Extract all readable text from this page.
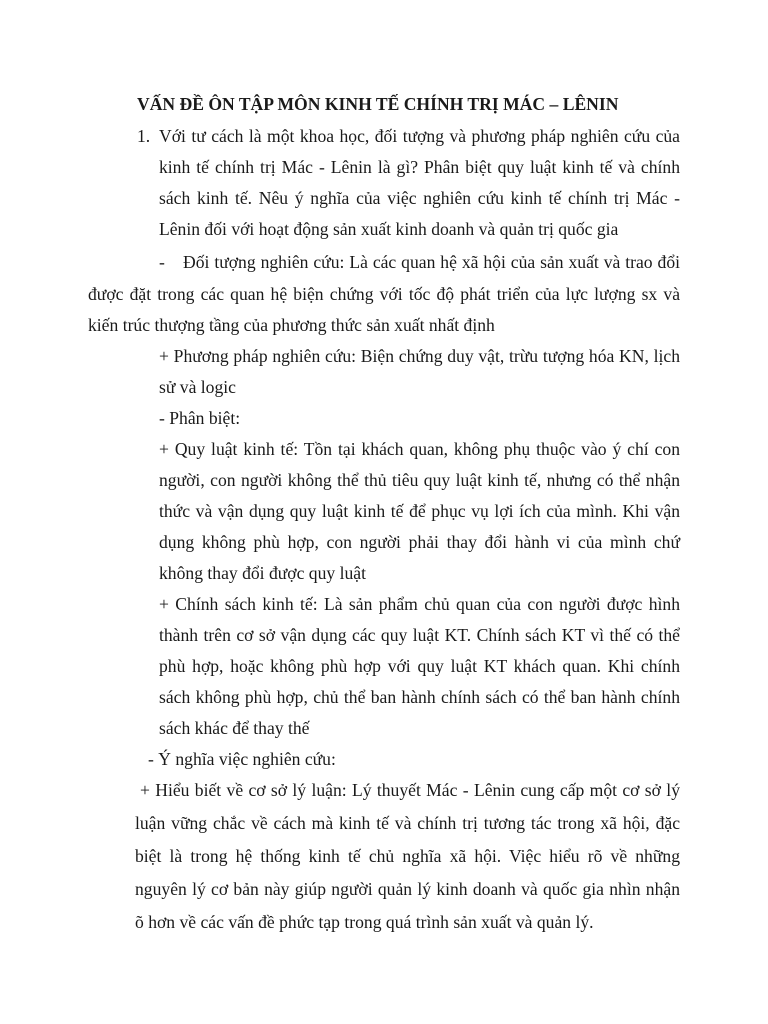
VẤN ĐỀ ÔN TẬP MÔN KINH TẾ CHÍNH TRỊ MÁC – LÊNIN
1. Với tư cách là một khoa học, đối tượng và phương pháp nghiên cứu của
kinh tế chính trị Mác - Lênin là gì? Phân biệt quy luật kinh tế và chính
sách kinh tế. Nêu ý nghĩa của việc nghiên cứu kinh tế chính trị Mác -
Lênin đối với hoạt động sản xuất kinh doanh và quản trị quốc gia
- Đối tượng nghiên cứu: Là các quan hệ xã hội của sản xuất và trao đổi
được đặt trong các quan hệ biện chứng với tốc độ phát triển của lực lượng sx và
kiến trúc thượng tầng của phương thức sản xuất nhất định
+ Phương pháp nghiên cứu: Biện chứng duy vật, trừu tượng hóa KN, lịch
sử và logic
- Phân biệt:
+ Quy luật kinh tế: Tồn tại khách quan, không phụ thuộc vào ý chí con
người, con người không thể thủ tiêu quy luật kinh tế, nhưng có thể nhận
thức và vận dụng quy luật kinh tế để phục vụ lợi ích của mình. Khi vận
dụng không phù hợp, con người phải thay đổi hành vi của mình chứ
không thay đổi được quy luật
+ Chính sách kinh tế: Là sản phẩm chủ quan của con người được hình
thành trên cơ sở vận dụng các quy luật KT. Chính sách KT vì thế có thể
phù hợp, hoặc không phù hợp với quy luật KT khách quan. Khi chính
sách không phù hợp, chủ thể ban hành chính sách có thể ban hành chính
sách khác để thay thế
- Ý nghĩa việc nghiên cứu:
+ Hiểu biết về cơ sở lý luận: Lý thuyết Mác - Lênin cung cấp một cơ sở lý
luận vững chắc về cách mà kinh tế và chính trị tương tác trong xã hội, đặc
biệt là trong hệ thống kinh tế chủ nghĩa xã hội. Việc hiểu rõ về những
nguyên lý cơ bản này giúp người quản lý kinh doanh và quốc gia nhìn nhận
õ hơn về các vấn đề phức tạp trong quá trình sản xuất và quản lý.
